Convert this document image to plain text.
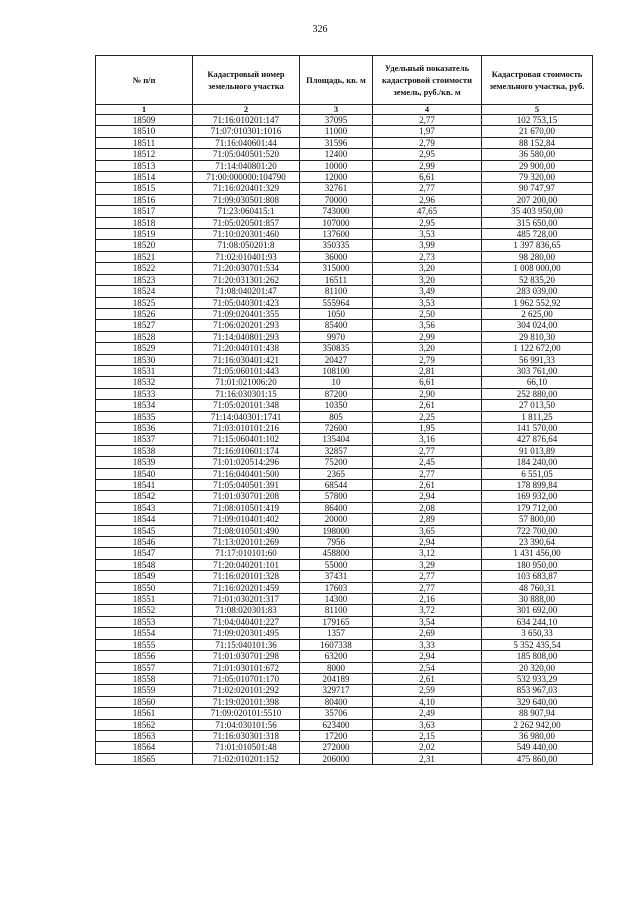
326
№ п/п	Кадастровый номер земельного участка	Площадь, кв. м	Удельный показатель кадастровой стоимости земель, руб./кв. м	Кадастровая стоимость земельного участка, руб.
1	2	3	4	5
18509	71:16:010201:147	37095	2,77	102 753,15
18510	71:07:010301:1016	11000	1,97	21 670,00
18511	71:16:040601:44	31596	2,79	88 152,84
18512	71:05:040501:520	12400	2,95	36 580,00
18513	71:14:040801:20	10000	2,99	29 900,00
18514	71:00:000000:104790	12000	6,61	79 320,00
18515	71:16:020401:329	32761	2,77	90 747,97
18516	71:09:030501:808	70000	2,96	207 200,00
18517	71:23:060415:1	743000	47,65	35 403 950,00
18518	71:05:020501:857	107000	2,95	315 650,00
18519	71:10:020301:460	137600	3,53	485 728,00
18520	71:08:050201:8	350335	3,99	1 397 836,65
18521	71:02:010401:93	36000	2,73	98 280,00
18522	71:20:030701:534	315000	3,20	1 008 000,00
18523	71:20:031301:262	16511	3,20	52 835,20
18524	71:08:040201:47	81100	3,49	283 039,00
18525	71:05:040301:423	555964	3,53	1 962 552,92
18526	71:09:020401:355	1050	2,50	2 625,00
18527	71:06:020201:293	85400	3,56	304 024,00
18528	71:14:040801:293	9970	2,99	29 810,30
18529	71:20:040101:438	350835	3,20	1 122 672,00
18530	71:16:030401:421	20427	2,79	56 991,33
18531	71:05:060101:443	108100	2,81	303 761,00
18532	71:01:021006:20	10	6,61	66,10
18533	71:16:030301:15	87200	2,90	252 880,00
18534	71:05:020101:348	10350	2,61	27 013,50
18535	71:14:040301:1741	805	2,25	1 811,25
18536	71:03:010101:216	72600	1,95	141 570,00
18537	71:15:060401:102	135404	3,16	427 876,64
18538	71:16:010601:174	32857	2,77	91 013,89
18539	71:01:020514:296	75200	2,45	184 240,00
18540	71:16:040401:500	2365	2,77	6 551,05
18541	71:05:040501:391	68544	2,61	178 899,84
18542	71:01:030701:208	57800	2,94	169 932,00
18543	71:08:010501:419	86400	2,08	179 712,00
18544	71:09:010401:402	20000	2,89	57 800,00
18545	71:08:010501:490	198000	3,65	722 700,00
18546	71:13:020101:269	7956	2,94	23 390,64
18547	71:17:010101:60	458800	3,12	1 431 456,00
18548	71:20:040201:101	55000	3,29	180 950,00
18549	71:16:020101:328	37431	2,77	103 683,87
18550	71:16:020201:459	17603	2,77	48 760,31
18551	71:01:030201:317	14300	2,16	30 888,00
18552	71:08:020301:83	81100	3,72	301 692,00
18553	71:04:040401:227	179165	3,54	634 244,10
18554	71:09:020301:495	1357	2,69	3 650,33
18555	71:15:040101:36	1607338	3,33	5 352 435,54
18556	71:01:030701:298	63200	2,94	185 808,00
18557	71:01:030101:672	8000	2,54	20 320,00
18558	71:05:010701:170	204189	2,61	532 933,29
18559	71:02:020101:292	329717	2,59	853 967,03
18560	71:19:020101:398	80400	4,10	329 640,00
18561	71:09:020101:5510	35706	2,49	88 907,94
18562	71:04:030101:56	623400	3,63	2 262 942,00
18563	71:16:030301:318	17200	2,15	36 980,00
18564	71:01:010501:48	272000	2,02	549 440,00
18565	71:02:010201:152	206000	2,31	475 860,00
